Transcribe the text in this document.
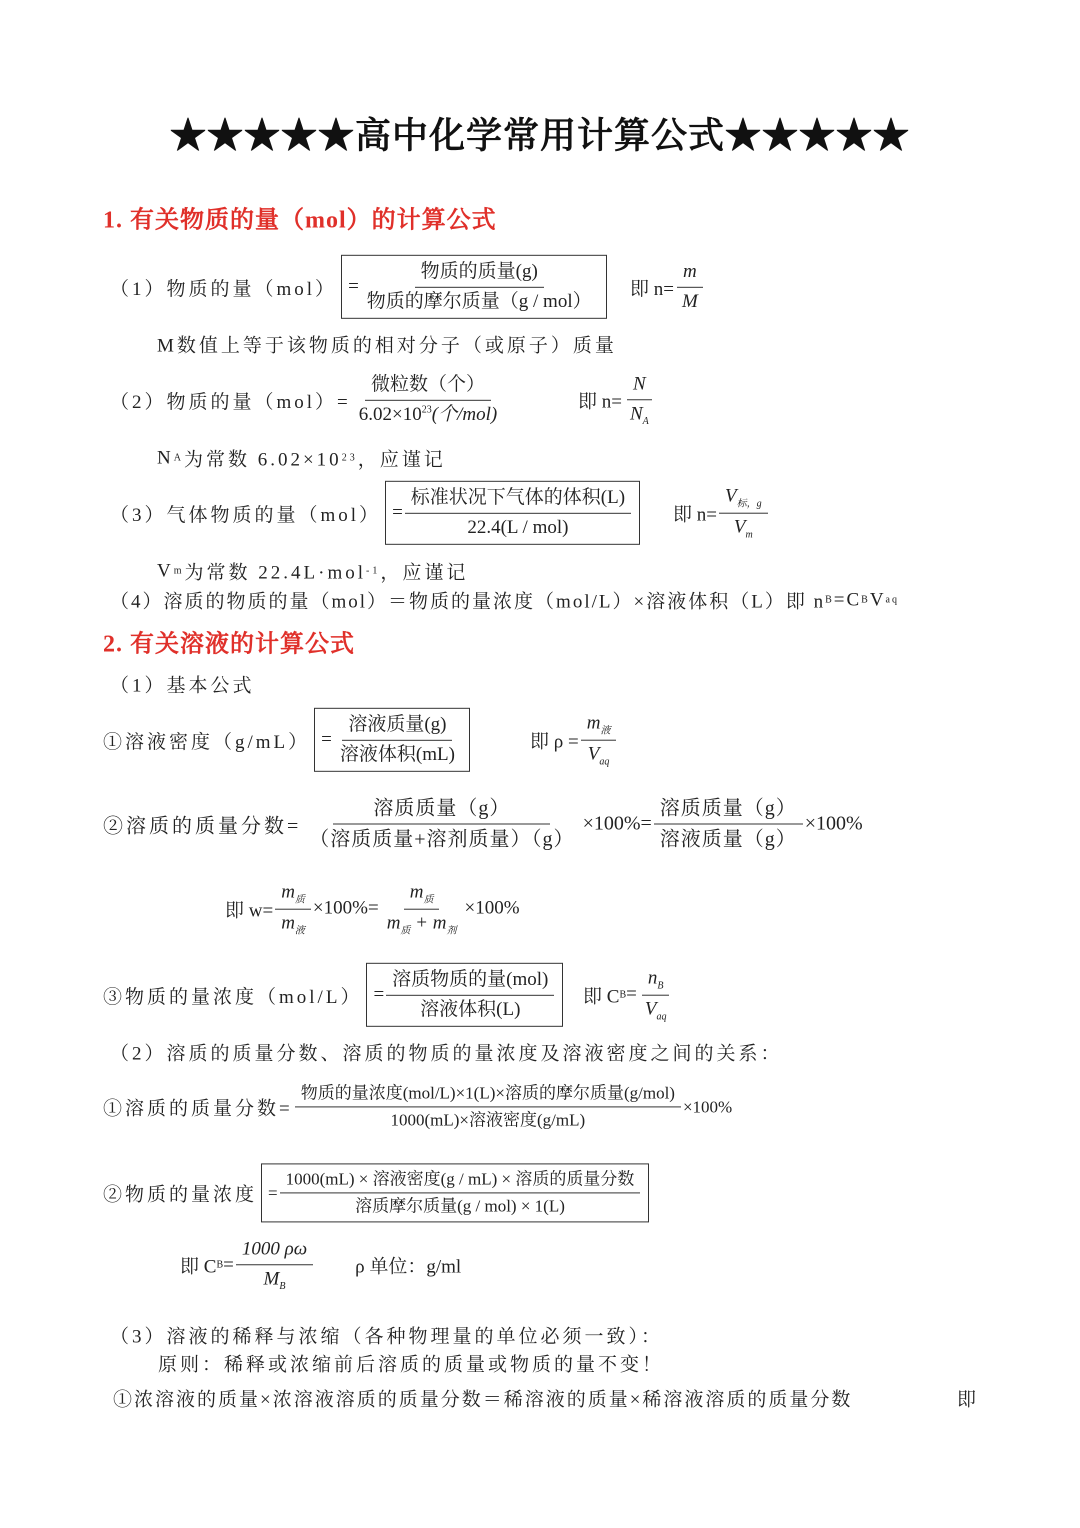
★★★★★高中化学常用计算公式★★★★★
1. 有关物质的量（mol）的计算公式
（1）物质的量$(mol) = \frac{\text{物质的质量(g)}}{\text{物质的摩尔质量（g / mol）}}$ 即 $n= \frac{m}{M}$
M数值上等于该物质的相对分子（或原子）质量
（2）物质的量$(mol)= \frac{\text{微粒数（个）}}{6.02\times 10^{23}(个/mol)}$	即 $n= \frac{N}{N_A}$
N A 为常数 6.02×10 23 ，应谨记
（3）气体物质的量$(mol) = \frac{\text{标准状况下气体的体积(L)}}{\text{22.4(L / mol)}}$ 即 $n= \frac{V_{标,g}}{V_m}$
V m 为常数 22.4L·mol -1 ，应谨记
（4）溶质的物质的量（mol）＝物质的量浓度（mol/L）×溶液体积（L）即 n B =C B V aq
2. 有关溶液的计算公式
（1）基本公式
①溶液密度$(g/mL) = \frac{\text{溶液质量(g)}}{\text{溶液体积(mL)}}$	即 $\rho = \frac{m_液}{V_{aq}}$
②溶质的质量分数= $\frac{\text{溶质质量（g）}}{\text{（溶质质量+溶剂质量）（g）}} \times 100\%= \frac{\text{溶质质量（g）}}{\text{溶液质量（g）}} \times 100\%$
即 $w= \frac{m_质}{m_液} \times 100\%= \frac{m_质}{m_质 + m_剂} \times 100\%$
③物质的量浓度$(mol/L) = \frac{\text{溶质物质的量(mol)}}{\text{溶液体积(L)}}$ 即 C $B = \frac{n_B}{V_{aq}}$
（2）溶质的质量分数、溶质的物质的量浓度及溶液密度之间的关系：
①溶质的质量分数= $\frac{\text{物质的量浓度(mol/L)×1(L)×溶质的摩尔质量(g/mol)}}{\text{1000(mL)×溶液密度(g/mL)}} \times 100\%$
②物质的量浓度 = $\frac{\text{1000(mL) × 溶液密度(g / mL) × 溶质的质量分数}}{\text{溶质摩尔质量(g / mol) × 1(L)}}$
即 C $B = \frac{1000 \rho\omega}{M_B}$ ρ 单位：g/ml
（3）溶液的稀释与浓缩（各种物理量的单位必须一致）：
原则：稀释或浓缩前后溶质的质量或物质的量不变！
①浓溶液的质量×浓溶液溶质的质量分数＝稀溶液的质量×稀溶液溶质的质量分数	即
